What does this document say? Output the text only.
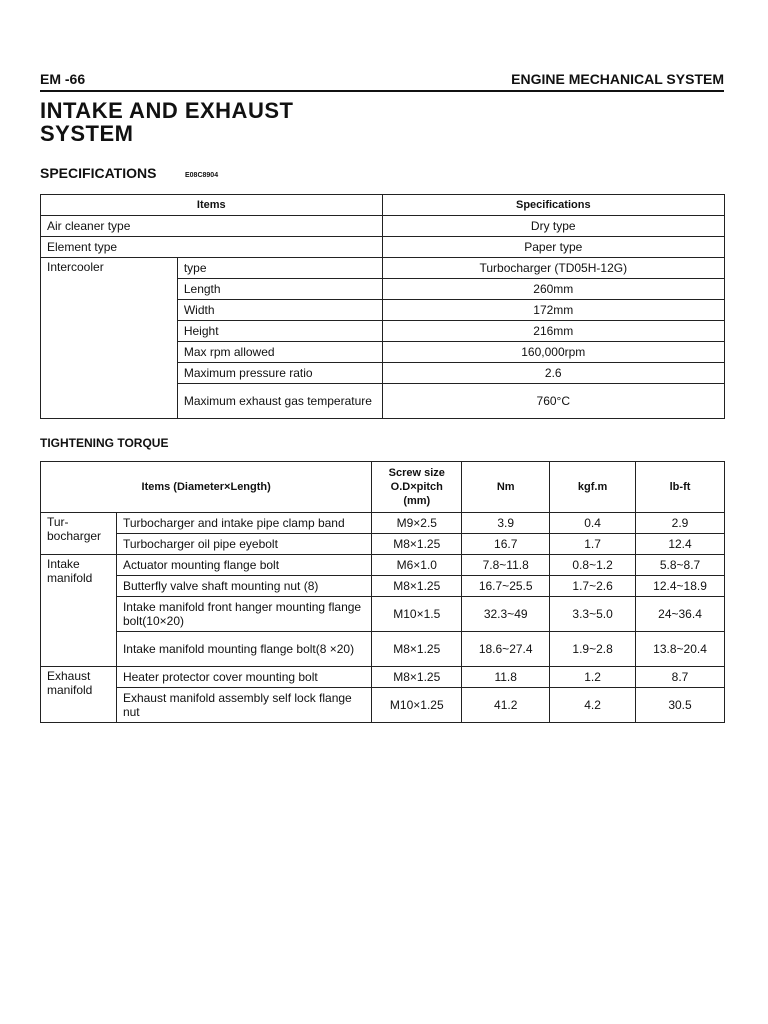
EM -66	ENGINE MECHANICAL SYSTEM
INTAKE AND EXHAUST
SYSTEM
SPECIFICATIONS	E08C8904
Items		Specifications
Air cleaner type		Dry type
Element type		Paper type
Intercooler	type	Turbocharger (TD05H-12G)
	Length	260mm
	Width	172mm
	Height	216mm
	Max rpm allowed	160,000rpm
	Maximum pressure ratio	2.6
	Maximum exhaust gas temperature	760°C
TIGHTENING TORQUE
Items (Diameter×Length)		Screw size O.D×pitch (mm)	Nm	kgf.m	lb-ft
Tur-bocharger	Turbocharger and intake pipe clamp band	M9×2.5	3.9	0.4	2.9
	Turbocharger oil pipe eyebolt	M8×1.25	16.7	1.7	12.4
Intake manifold	Actuator mounting flange bolt	M6×1.0	7.8~11.8	0.8~1.2	5.8~8.7
	Butterfly valve shaft mounting nut (8)	M8×1.25	16.7~25.5	1.7~2.6	12.4~18.9
	Intake manifold front hanger mounting flange bolt(10×20)	M10×1.5	32.3~49	3.3~5.0	24~36.4
	Intake manifold mounting flange bolt(8 ×20)	M8×1.25	18.6~27.4	1.9~2.8	13.8~20.4
Exhaust manifold	Heater protector cover mounting bolt	M8×1.25	11.8	1.2	8.7
	Exhaust manifold assembly self lock flange nut	M10×1.25	41.2	4.2	30.5
